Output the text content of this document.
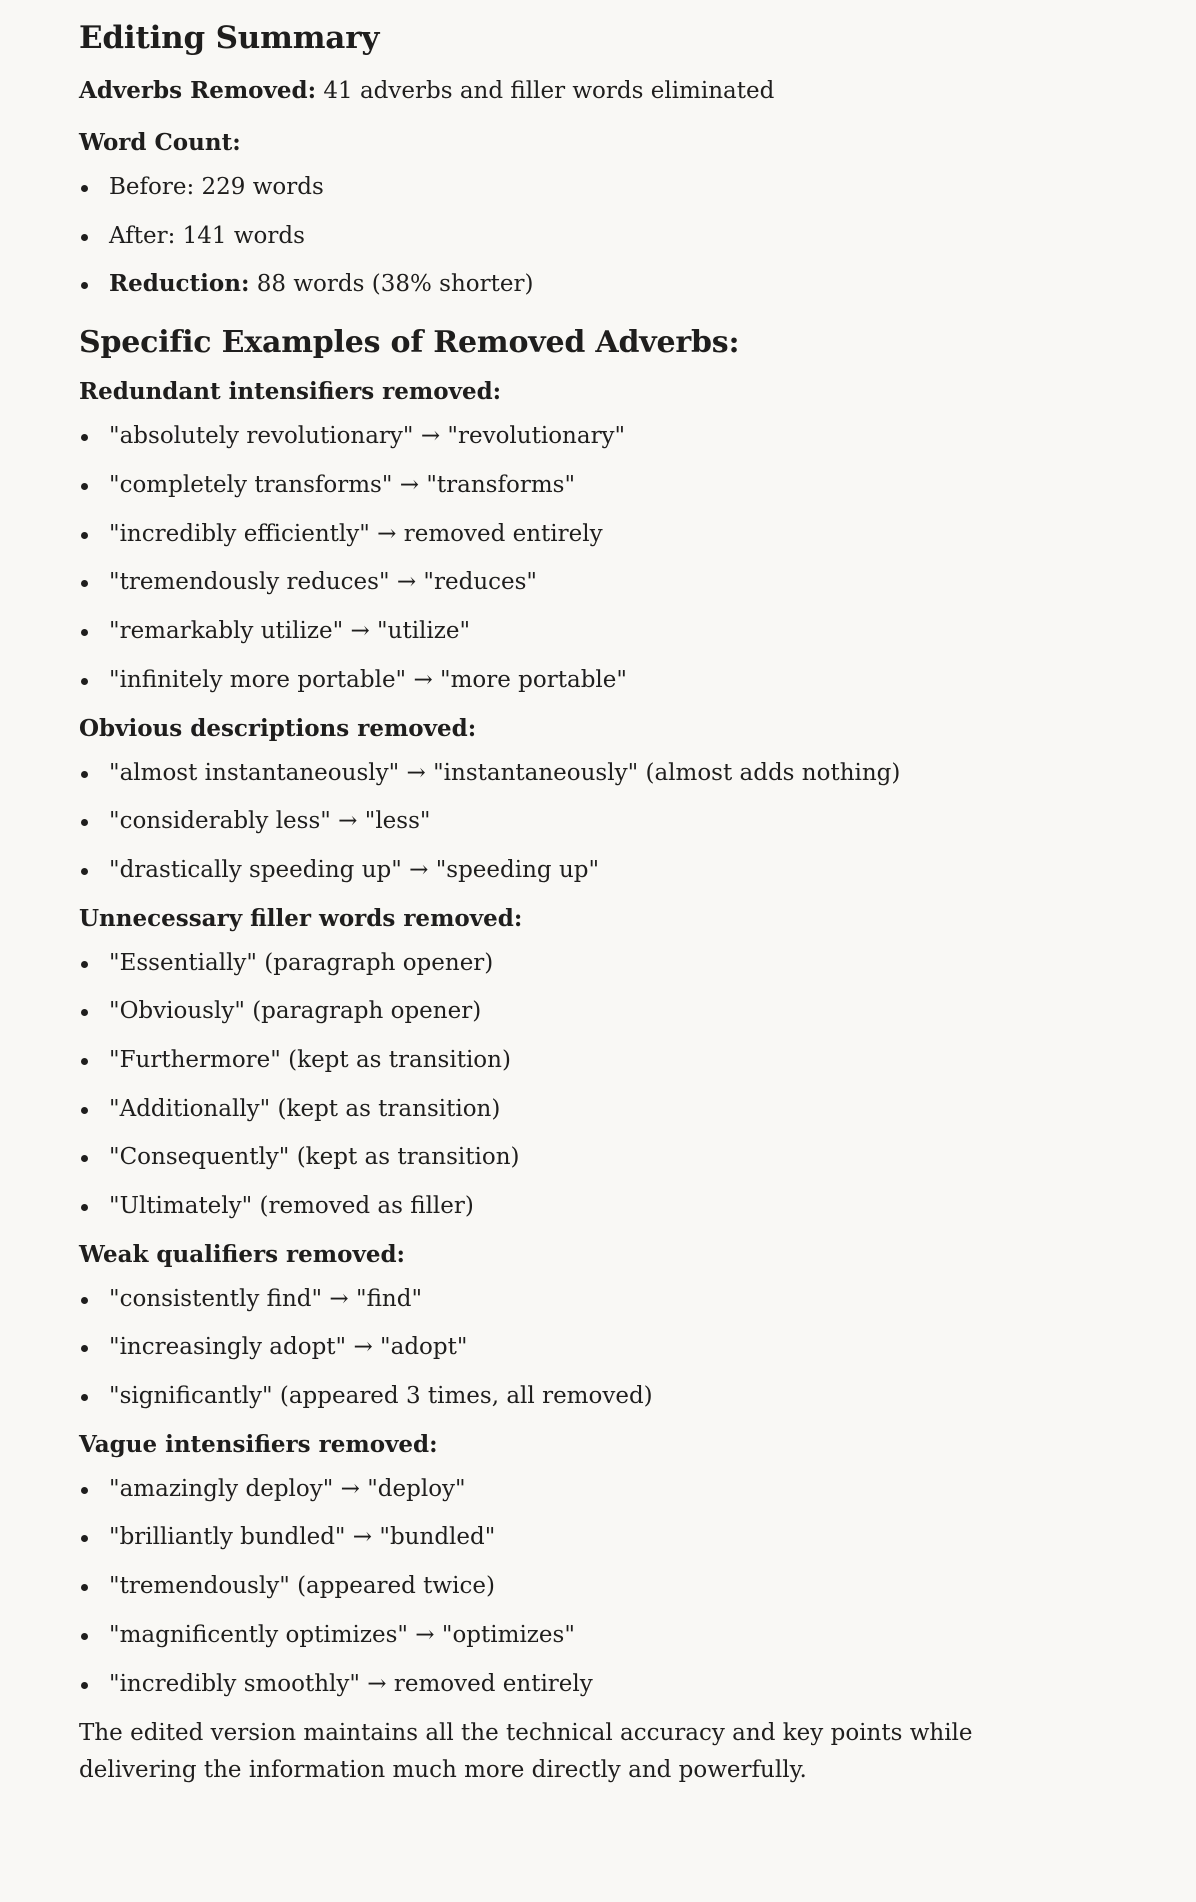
Editing Summary

Adverbs Removed: 41 adverbs and filler words eliminated

Word Count:

Before: 229 words
After: 141 words
Reduction: 88 words (38% shorter)
Specific Examples of Removed Adverbs:

Redundant intensifiers removed:

"absolutely revolutionary" → "revolutionary"
"completely transforms" → "transforms"
"incredibly efficiently" → removed entirely
"tremendously reduces" → "reduces"
"remarkably utilize" → "utilize"
"infinitely more portable" → "more portable"

Obvious descriptions removed:

"almost instantaneously" → "instantaneously" (almost adds nothing)
"considerably less" → "less"
"drastically speeding up" → "speeding up"

Unnecessary filler words removed:

"Essentially" (paragraph opener)
"Obviously" (paragraph opener)
"Furthermore" (kept as transition)
"Additionally" (kept as transition)
"Consequently" (kept as transition)
"Ultimately" (removed as filler)

Weak qualifiers removed:

"consistently find" → "find"
"increasingly adopt" → "adopt"
"significantly" (appeared 3 times, all removed)

Vague intensifiers removed:

"amazingly deploy" → "deploy"
"brilliantly bundled" → "bundled"
"tremendously" (appeared twice)
"magnificently optimizes" → "optimizes"
"incredibly smoothly" → removed entirely

The edited version maintains all the technical accuracy and key points while delivering the information much more directly and powerfully.
